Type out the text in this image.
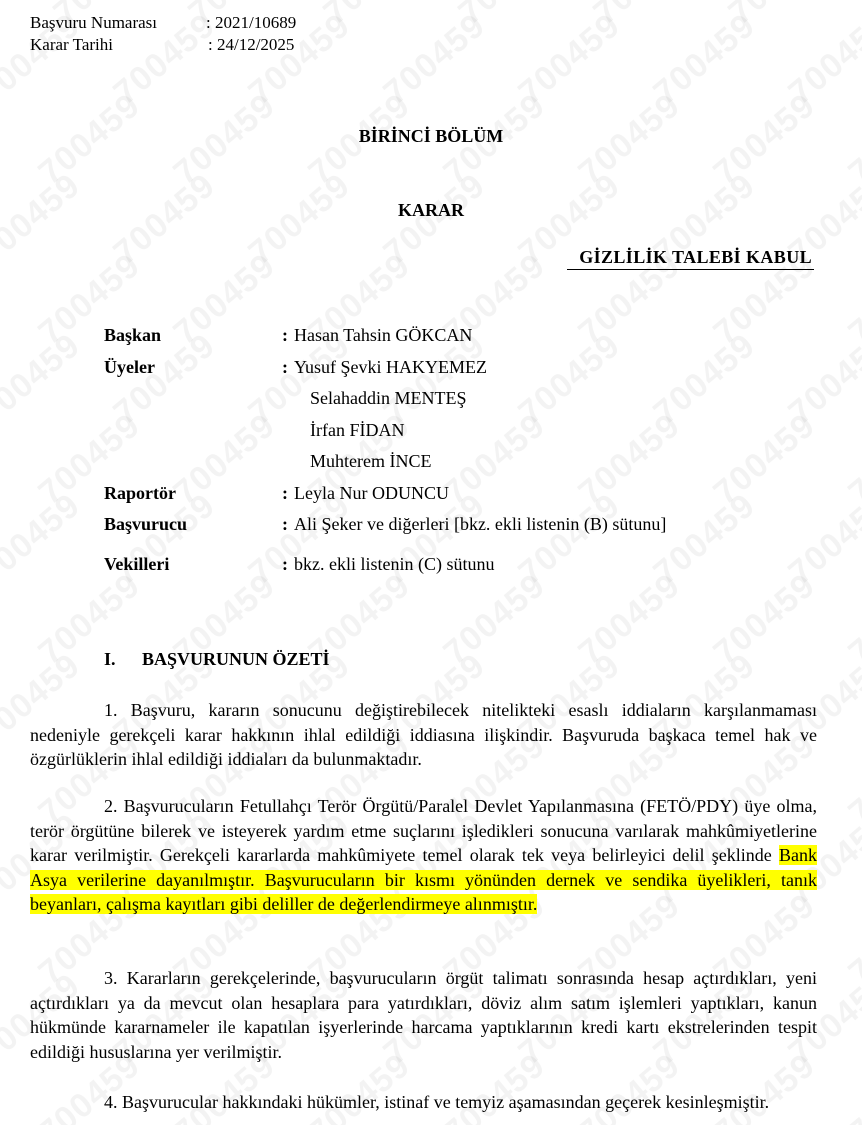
Başvuru Numarası	: 2021/10689
Karar Tarihi	: 24/12/2025
BİRİNCİ BÖLÜM
KARAR
GİZLİLİK TALEBİ KABUL
Başkan	: Hasan Tahsin GÖKCAN
Üyeler	: Yusuf Şevki HAKYEMEZ
Selahaddin MENTEŞ
İrfan FİDAN
Muhterem İNCE
Raportör	: Leyla Nur ODUNCU
Başvurucu	: Ali Şeker ve diğerleri [bkz. ekli listenin (B) sütunu]
Vekilleri	: bkz. ekli listenin (C) sütunu
I. BAŞVURUNUN ÖZETİ

1. Başvuru, kararın sonucunu değiştirebilecek nitelikteki esaslı iddiaların karşılanmaması nedeniyle gerekçeli karar hakkının ihlal edildiği iddiasına ilişkindir. Başvuruda başkaca temel hak ve özgürlüklerin ihlal edildiği iddiaları da bulunmaktadır.

2. Başvurucuların Fetullahçı Terör Örgütü/Paralel Devlet Yapılanmasına (FETÖ/PDY) üye olma, terör örgütüne bilerek ve isteyerek yardım etme suçlarını işledikleri sonucuna varılarak mahkûmiyetlerine karar verilmiştir. Gerekçeli kararlarda mahkûmiyete temel olarak tek veya belirleyici delil şeklinde Bank Asya verilerine dayanılmıştır. Başvurucuların bir kısmı yönünden dernek ve sendika üyelikleri, tanık beyanları, çalışma kayıtları gibi deliller de değerlendirmeye alınmıştır.

3. Kararların gerekçelerinde, başvurucuların örgüt talimatı sonrasında hesap açtırdıkları, yeni açtırdıkları ya da mevcut olan hesaplara para yatırdıkları, döviz alım satım işlemleri yaptıkları, kanun hükmünde kararnameler ile kapatılan işyerlerinde harcama yaptıklarının kredi kartı ekstrelerinden tespit edildiği hususlarına yer verilmiştir.

4. Başvurucular hakkındaki hükümler, istinaf ve temyiz aşamasından geçerek kesinleşmiştir.
